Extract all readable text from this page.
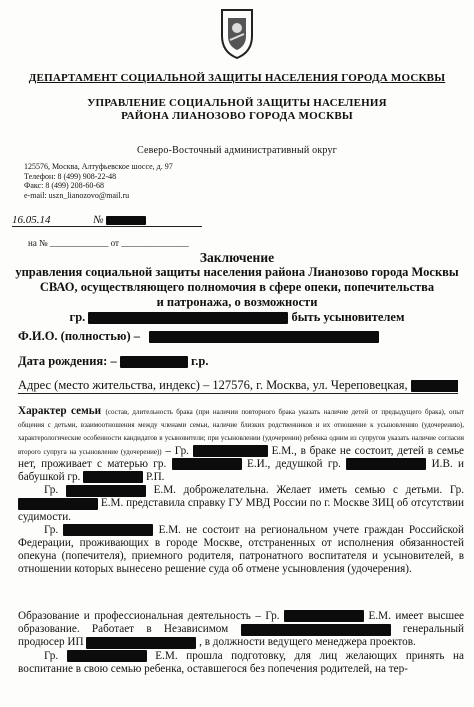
ДЕПАРТАМЕНТ СОЦИАЛЬНОЙ ЗАЩИТЫ НАСЕЛЕНИЯ ГОРОДА МОСКВЫ
УПРАВЛЕНИЕ СОЦИАЛЬНОЙ ЗАЩИТЫ НАСЕЛЕНИЯ
РАЙОНА ЛИАНОЗОВО ГОРОДА МОСКВЫ
Северо-Восточный административный округ
125576, Москва, Алтуфьевское шоссе, д. 97
Телефон: 8 (499) 908-22-48
Факс: 8 (499) 208-60-68
e-mail: uszn_lianozovo@mail.ru
16.05.14	№
на № _____________ от _______________
Заключение
управления социальной защиты населения района Лианозово города Москвы
СВАО, осуществляющего полномочия в сфере опеки, попечительства
и патронажа, о возможности
гр.	быть усыновителем
Ф.И.О. (полностью) –
Дата рождения: –	г.р.
Адрес (место жительства, индекс) – 127576, г. Москва, ул. Череповецкая,
Характер семьи (состав, длительность брака (при наличии повторного брака указать наличие детей от предыдущего брака), опыт общения с детьми, взаимоотношения между членами семьи, наличие близких родственников и их отношение к усыновлению (удочерению), характерологические особенности кандидатов в усыновители; при усыновлении (удочерении) ребенка одним из супругов указать наличие согласия второго супруга на усыновление (удочерение)) – Гр.	Е.М., в браке не состоит, детей в семье нет, проживает с матерью гр.	Е.И., дедушкой гр.	И.В. и бабушкой гр.	Р.П.
Гр.	Е.М. доброжелательна. Желает иметь семью с детьми. Гр.  Е.М. представила справку ГУ МВД России по г. Москве ЗИЦ об отсутствии судимости.
Гр.	Е.М. не состоит на региональном учете граждан Российской Федерации, проживающих в городе Москве, отстраненных от исполнения обязанностей опекуна (попечителя), приемного родителя, патронатного воспитателя и усыновителей, в отношении которых вынесено решение суда об отмене усыновления (удочерения).
Образование и профессиональная деятельность – Гр.	Е.М. имеет высшее образование. Работает в Независимом	генеральный продюсер ИП	, в должности ведущего менеджера проектов.
Гр.	Е.М. прошла подготовку, для лиц желающих принять на воспитание в свою семью ребенка, оставшегося без попечения родителей, на тер-
